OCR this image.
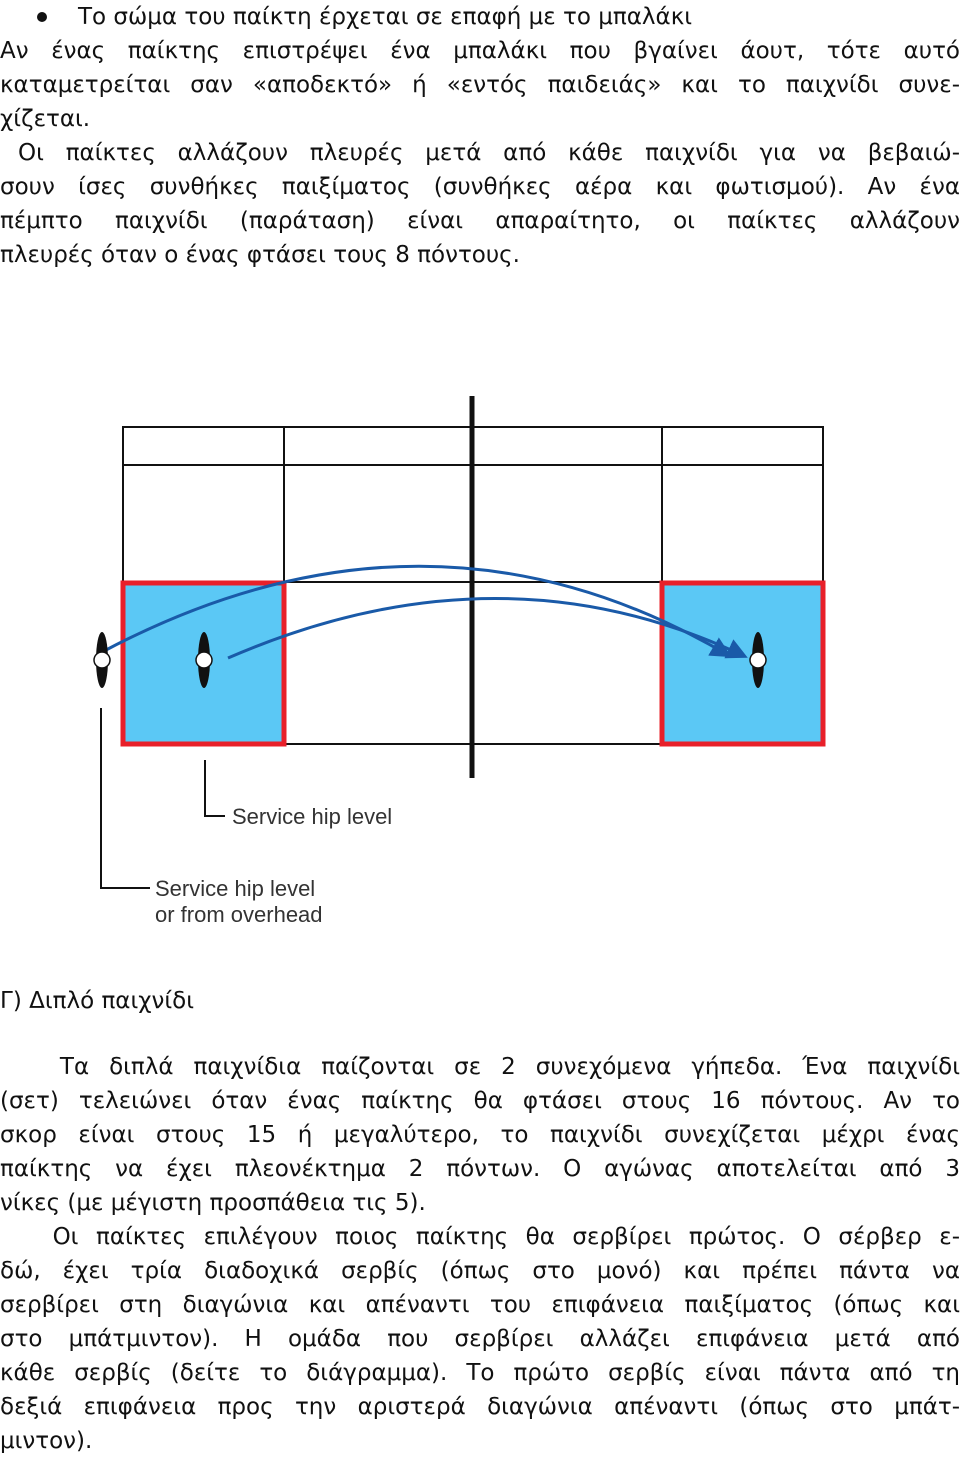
Το σώμα του παίκτη έρχεται σε επαφή με το μπαλάκι

Αν ένας παίκτης επιστρέψει ένα μπαλάκι που βγαίνει άουτ, τότε αυτό

καταμετρείται σαν «αποδεκτό» ή «εντός παιδειάς» και το παιχνίδι συνε-

χίζεται.

Οι παίκτες αλλάζουν πλευρές μετά από κάθε παιχνίδι για να βεβαιώ-

σουν ίσες συνθήκες παιξίματος (συνθήκες αέρα και φωτισμού). Αν ένα

πέμπτο παιχνίδι (παράταση) είναι απαραίτητο, οι παίκτες αλλάζουν

πλευρές όταν ο ένας φτάσει τους 8 πόντους.

Service hip level
Service hip level
or from overhead

Γ) Διπλό παιχνίδι

Τα διπλά παιχνίδια παίζονται σε 2 συνεχόμενα γήπεδα. Ένα παιχνίδι

(σετ) τελειώνει όταν ένας παίκτης θα φτάσει στους 16 πόντους. Αν το

σκορ είναι στους 15 ή μεγαλύτερο, το παιχνίδι συνεχίζεται μέχρι ένας

παίκτης να έχει πλεονέκτημα 2 πόντων. Ο αγώνας αποτελείται από 3

νίκες (με μέγιστη προσπάθεια τις 5).

Οι παίκτες επιλέγουν ποιος παίκτης θα σερβίρει πρώτος. Ο σέρβερ ε-

δώ, έχει τρία διαδοχικά σερβίς (όπως στο μονό) και πρέπει πάντα να

σερβίρει στη διαγώνια και απέναντι του επιφάνεια παιξίματος (όπως και

στο μπάτμιντον). Η ομάδα που σερβίρει αλλάζει επιφάνεια μετά από

κάθε σερβίς (δείτε το διάγραμμα). Το πρώτο σερβίς είναι πάντα από τη

δεξιά επιφάνεια προς την αριστερά διαγώνια απέναντι (όπως στο μπάτ-

μιντον).
